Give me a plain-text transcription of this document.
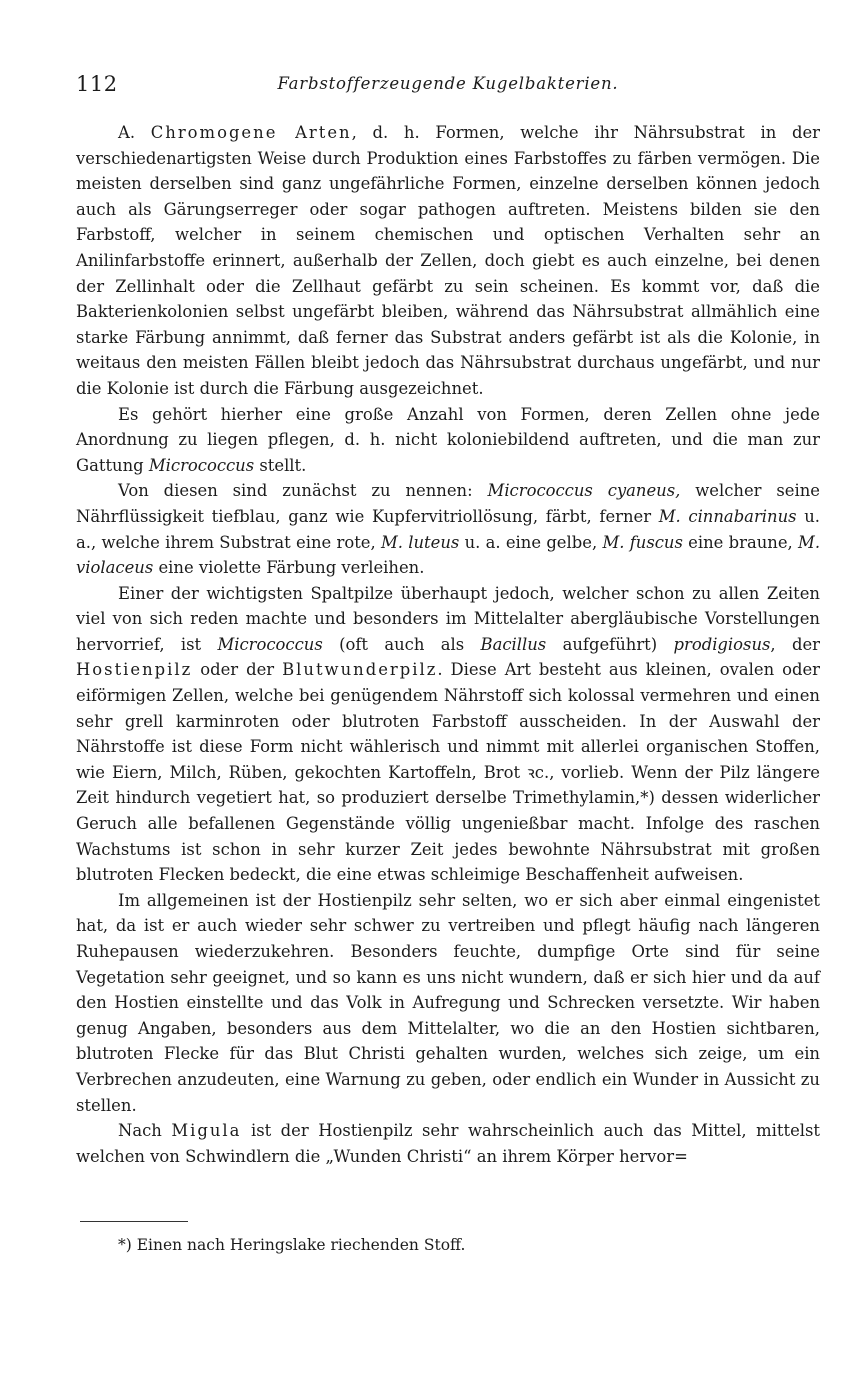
112	Farbstofferzeugende Kugelbakterien.

A. Chromogene Arten, d. h. Formen, welche ihr Nährsubstrat in der verschiedenartigsten Weise durch Produktion eines Farbstoffes zu färben vermögen. Die meisten derselben sind ganz ungefährliche Formen, einzelne derselben können jedoch auch als Gärungserreger oder sogar pathogen auftreten. Meistens bilden sie den Farbstoff, welcher in seinem chemischen und optischen Verhalten sehr an Anilinfarbstoffe erinnert, außerhalb der Zellen, doch giebt es auch einzelne, bei denen der Zellinhalt oder die Zellhaut gefärbt zu sein scheinen. Es kommt vor, daß die Bakterienkolonien selbst ungefärbt bleiben, während das Nährsubstrat allmählich eine starke Färbung annimmt, daß ferner das Substrat anders gefärbt ist als die Kolonie, in weitaus den meisten Fällen bleibt jedoch das Nährsubstrat durchaus ungefärbt, und nur die Kolonie ist durch die Färbung ausgezeichnet.

Es gehört hierher eine große Anzahl von Formen, deren Zellen ohne jede Anordnung zu liegen pflegen, d. h. nicht koloniebildend auftreten, und die man zur Gattung Micrococcus stellt.

Von diesen sind zunächst zu nennen: Micrococcus cyaneus, welcher seine Nährflüssigkeit tiefblau, ganz wie Kupfervitriollösung, färbt, ferner M. cinnabarinus u. a., welche ihrem Substrat eine rote, M. luteus u. a. eine gelbe, M. fuscus eine braune, M. violaceus eine violette Färbung verleihen.

Einer der wichtigsten Spaltpilze überhaupt jedoch, welcher schon zu allen Zeiten viel von sich reden machte und besonders im Mittelalter abergläubische Vorstellungen hervorrief, ist Micrococcus (oft auch als Bacillus aufgeführt) prodigiosus, der Hostienpilz oder der Blutwunderpilz. Diese Art besteht aus kleinen, ovalen oder eiförmigen Zellen, welche bei genügendem Nährstoff sich kolossal vermehren und einen sehr grell karminroten oder blutroten Farbstoff ausscheiden. In der Auswahl der Nährstoffe ist diese Form nicht wählerisch und nimmt mit allerlei organischen Stoffen, wie Eiern, Milch, Rüben, gekochten Kartoffeln, Brot ꝛc., vorlieb. Wenn der Pilz längere Zeit hindurch vegetiert hat, so produziert derselbe Trimethylamin,*) dessen widerlicher Geruch alle befallenen Gegenstände völlig ungenießbar macht. Infolge des raschen Wachstums ist schon in sehr kurzer Zeit jedes bewohnte Nährsubstrat mit großen blutroten Flecken bedeckt, die eine etwas schleimige Beschaffenheit aufweisen.

Im allgemeinen ist der Hostienpilz sehr selten, wo er sich aber einmal eingenistet hat, da ist er auch wieder sehr schwer zu vertreiben und pflegt häufig nach längeren Ruhepausen wiederzukehren. Besonders feuchte, dumpfige Orte sind für seine Vegetation sehr geeignet, und so kann es uns nicht wundern, daß er sich hier und da auf den Hostien einstellte und das Volk in Aufregung und Schrecken versetzte. Wir haben genug Angaben, besonders aus dem Mittelalter, wo die an den Hostien sichtbaren, blutroten Flecke für das Blut Christi gehalten wurden, welches sich zeige, um ein Verbrechen anzudeuten, eine Warnung zu geben, oder endlich ein Wunder in Aussicht zu stellen.

Nach Migula ist der Hostienpilz sehr wahrscheinlich auch das Mittel, mittelst welchen von Schwindlern die „Wunden Christi“ an ihrem Körper hervor=

*) Einen nach Heringslake riechenden Stoff.
